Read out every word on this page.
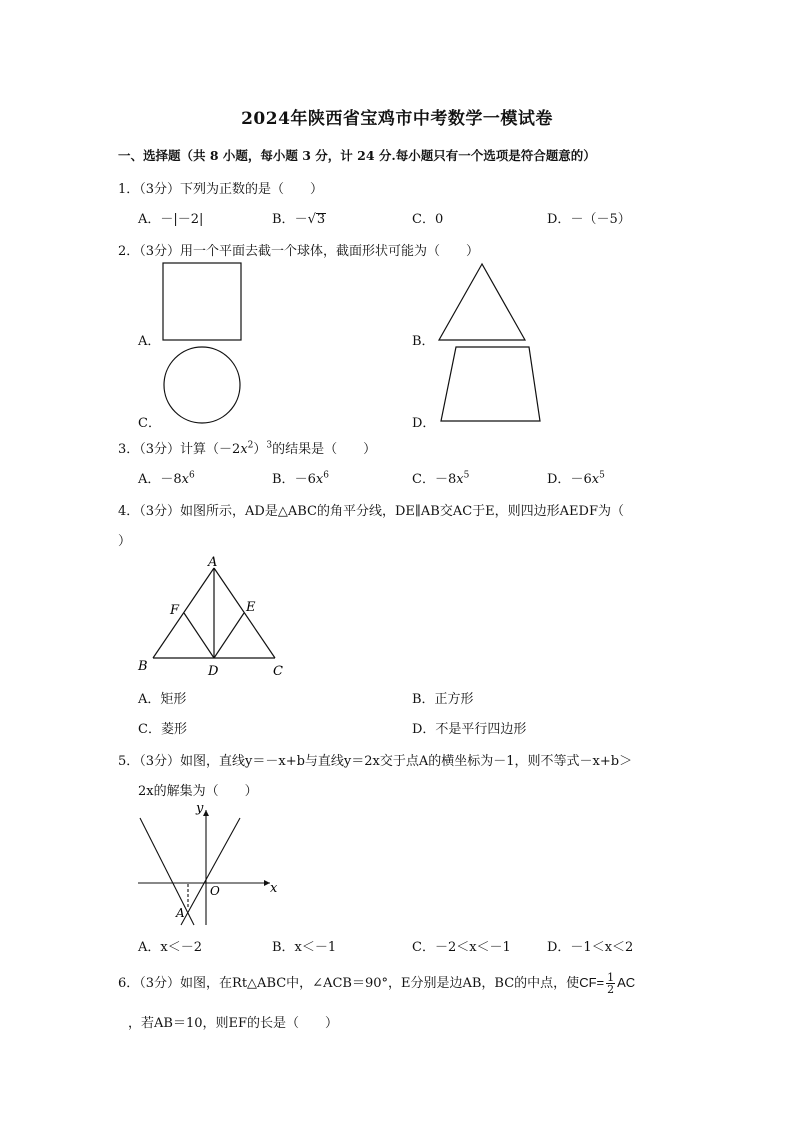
2024年陕西省宝鸡市中考数学一模试卷
一、选择题（共 8 小题，每小题 3 分，计 24 分.每小题只有一个选项是符合题意的）
1．（3分）下列为正数的是（　　）
A．－|－2|	B．－√3	C．0	D．－（－5）
2．（3分）用一个平面去截一个球体，截面形状可能为（　　）
A．	B．
C．	D．
3．（3分）计算$(-2x^2)^3$的结果是（　　）
A．$-8x^6$	B．$-6x^6$	C．$-8x^5$	D．$-6x^5$
4．（3分）如图所示，AD是△ABC的角平分线，DE∥AB交AC于E，则四边形AEDF为（
）
A
B	C
D
E
F
A．矩形	B．正方形
C．菱形	D．不是平行四边形
5．（3分）如图，直线y＝－x+b与直线y＝2x交于点A的横坐标为－1，则不等式－x+b＞
2x的解集为（　　）
x
y
O
A
A．x＜－2	B．x＜－1	C．－2＜x＜－1	D．－1＜x＜2
6．（3分）如图，在Rt△ABC中，∠ACB＝90°，E分别是边AB，BC的中点，使$CF= \frac{1}{2}$ AC
，若AB＝10，则EF的长是（　　）
